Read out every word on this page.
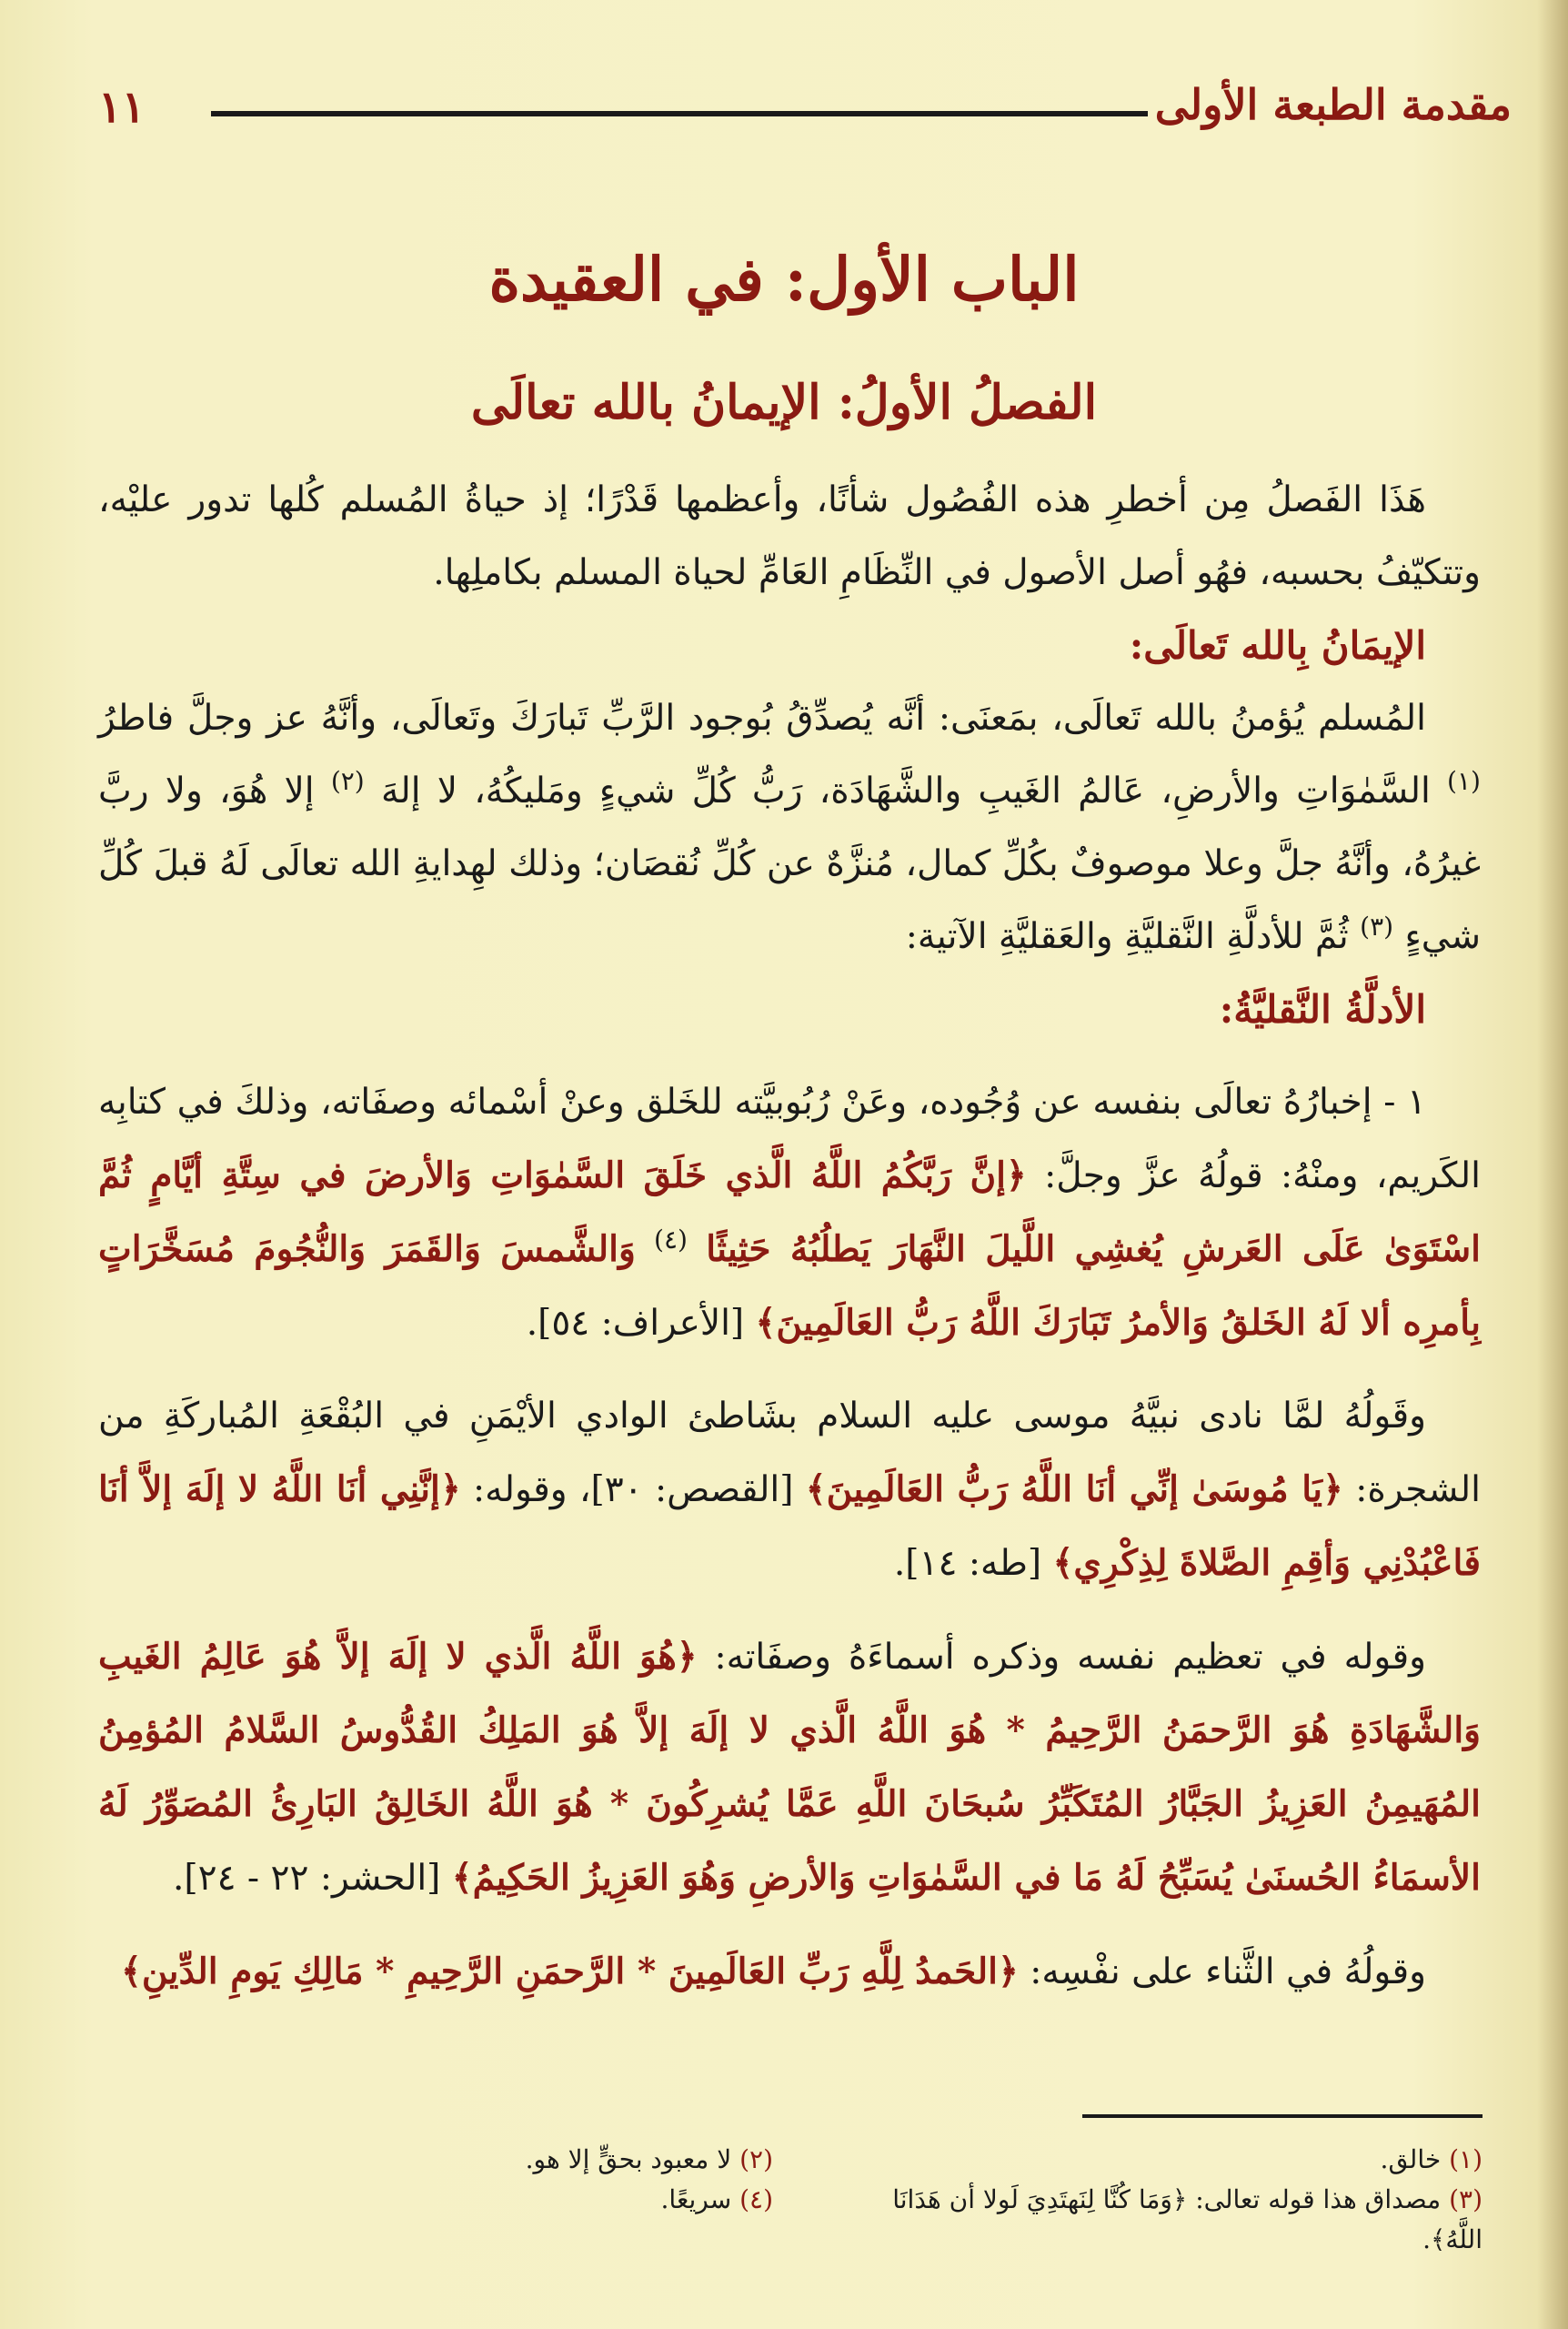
مقدمة الطبعة الأولى
١١
الباب الأول: في العقيدة
الفصلُ الأولُ: الإيمانُ بالله تعالَى

هَذَا الفَصلُ مِن أخطرِ هذه الفُصُول شأنًا، وأعظمها قَدْرًا؛ إذ حياةُ المُسلم كُلها تدور عليْه، وتتكيّفُ بحسبه، فهُو أصل الأصول في النِّظَامِ العَامِّ لحياة المسلم بكاملِها.

الإيمَانُ بِالله تَعالَى:

المُسلم يُؤمنُ بالله تَعالَى، بمَعنَى: أنَّه يُصدِّقُ بُوجود الرَّبِّ تَبارَكَ وتَعالَى، وأنَّهُ عز وجلَّ فاطرُ $^{(١)}$ السَّمٰوَاتِ والأرضِ، عَالمُ الغَيبِ والشَّهَادَة، رَبُّ كُلِّ شيءٍ ومَليكُهُ، لا إلهَ $^{(٢)}$ إلا هُوَ، ولا ربَّ غيرُهُ، وأنَّهُ جلَّ وعلا موصوفٌ بكُلِّ كمال، مُنزَّهٌ عن كُلِّ نُقصَان؛ وذلك لهِدايةِ الله تعالَى لَهُ قبلَ كُلِّ شيءٍ $^{(٣)}$ ثُمَّ للأدلَّةِ النَّقليَّةِ والعَقليَّةِ الآتية:

الأدلَّةُ النَّقليَّةُ:

١ - إخبارُهُ تعالَى بنفسه عن وُجُوده، وعَنْ رُبُوبيَّته للخَلق وعنْ أسْمائه وصفَاته، وذلكَ في كتابِه الكَريم، ومنْهُ: قولُهُ عزَّ وجلَّ: ﴿إنَّ رَبَّكُمُ اللَّهُ الَّذي خَلَقَ السَّمٰوَاتِ وَالأرضَ في سِتَّةِ أيَّامٍ ثُمَّ اسْتَوَىٰ عَلَى العَرشِ يُغشِي اللَّيلَ النَّهَارَ يَطلُبُهُ حَثِيثًا $^{(٤)}$ وَالشَّمسَ وَالقَمَرَ وَالنُّجُومَ مُسَخَّرَاتٍ بِأمرِه ألا لَهُ الخَلقُ وَالأمرُ تَبَارَكَ اللَّهُ رَبُّ العَالَمِينَ﴾ [الأعراف: ٥٤].

وقَولُهُ لمَّا نادى نبيَّهُ موسى عليه السلام بشَاطئ الوادي الأيْمَنِ في البُقْعَةِ المُباركَةِ من الشجرة: ﴿يَا مُوسَىٰ إنِّي أنَا اللَّهُ رَبُّ العَالَمِينَ﴾ [القصص: ٣٠]، وقوله: ﴿إنَّنِي أنَا اللَّهُ لا إلَهَ إلاَّ أنَا فَاعْبُدْنِي وَأقِمِ الصَّلاةَ لِذِكْرِي﴾ [طه: ١٤].

وقوله في تعظيم نفسه وذكره أسماءَهُ وصفَاته: ﴿هُوَ اللَّهُ الَّذي لا إلَهَ إلاَّ هُوَ عَالِمُ الغَيبِ وَالشَّهَادَةِ هُوَ الرَّحمَنُ الرَّحِيمُ * هُوَ اللَّهُ الَّذي لا إلَهَ إلاَّ هُوَ المَلِكُ القُدُّوسُ السَّلامُ المُؤمِنُ المُهَيمِنُ العَزِيزُ الجَبَّارُ المُتَكَبِّرُ سُبحَانَ اللَّهِ عَمَّا يُشرِكُونَ * هُوَ اللَّهُ الخَالِقُ البَارِئُ المُصَوِّرُ لَهُ الأسمَاءُ الحُسنَىٰ يُسَبِّحُ لَهُ مَا في السَّمٰوَاتِ وَالأرضِ وَهُوَ العَزِيزُ الحَكِيمُ﴾ [الحشر: ٢٢ - ٢٤].

وقولُهُ في الثَّناء على نفْسِه: ﴿الحَمدُ لِلَّهِ رَبِّ العَالَمِينَ * الرَّحمَنِ الرَّحِيمِ * مَالِكِ يَومِ الدِّينِ﴾

(١) خالق.
(٢) لا معبود بحقٍّ إلا هو.
(٣) مصداق هذا قوله تعالى: ﴿وَمَا كُنَّا لِنَهتَدِيَ لَولا أن هَدَانَا اللَّهُ﴾.
(٤) سريعًا.
